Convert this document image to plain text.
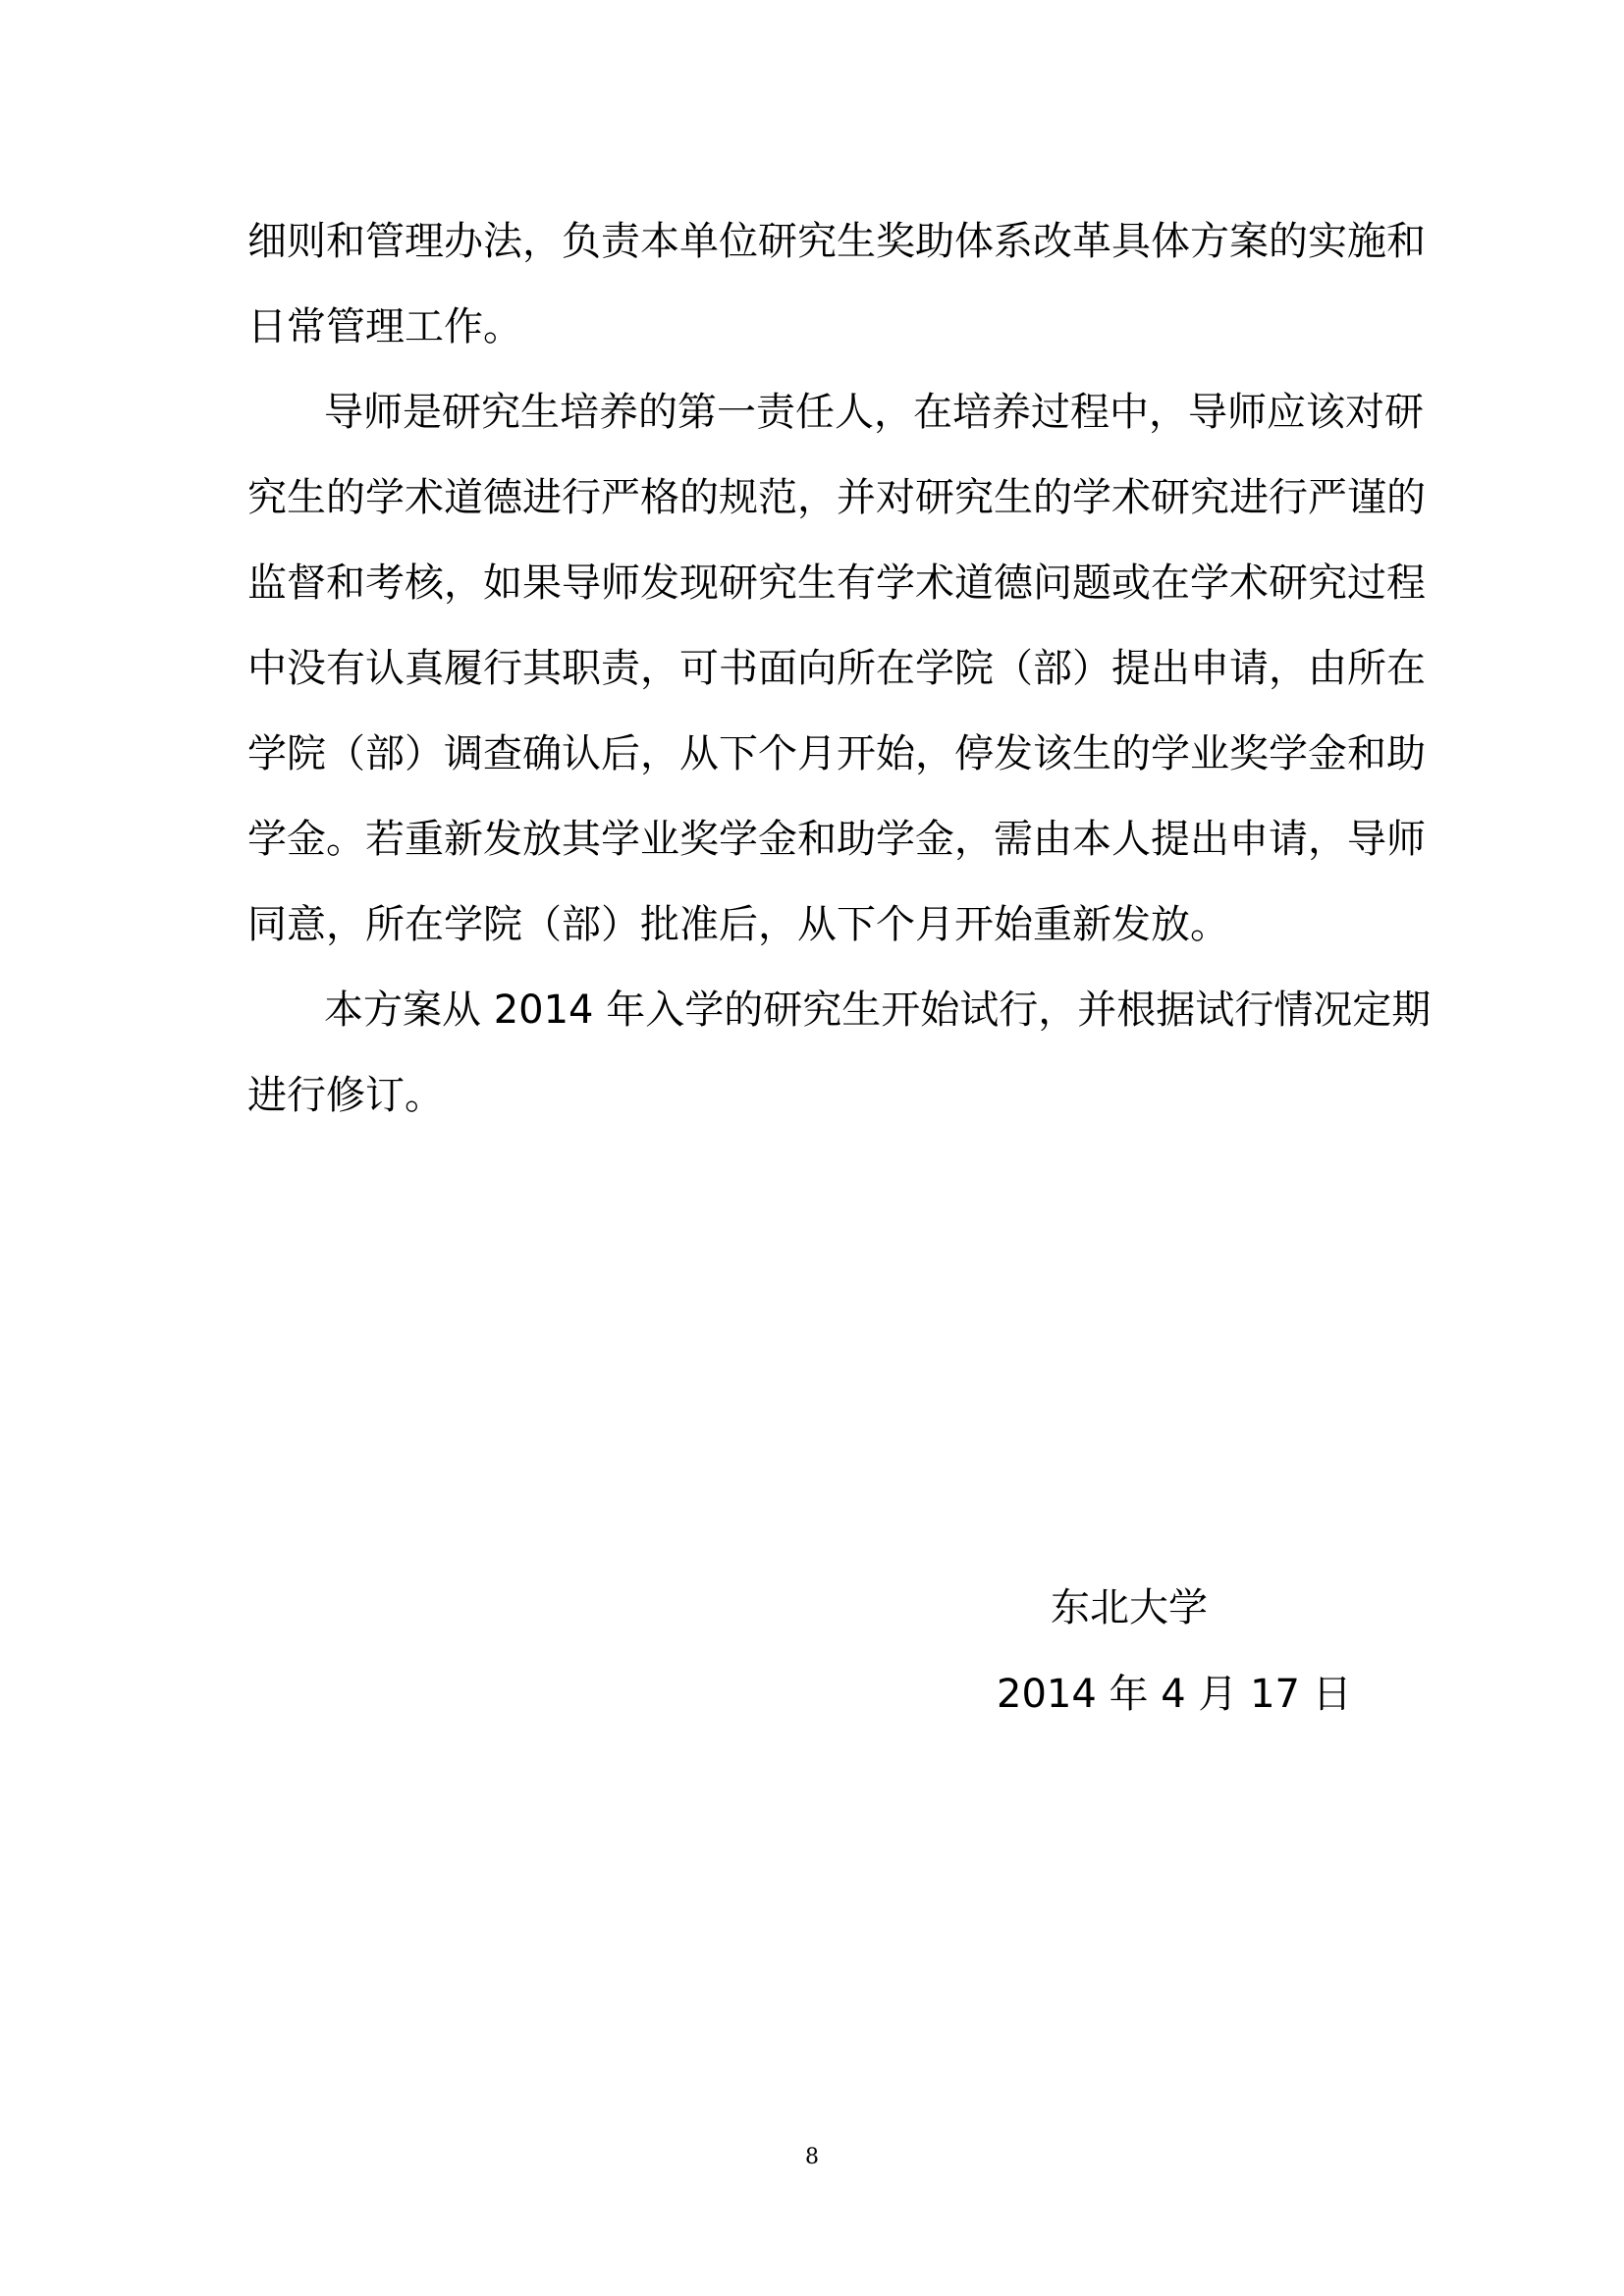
细则和管理办法，负责本单位研究生奖助体系改革具体方案的实施和
日常管理工作。
导师是研究生培养的第一责任人，在培养过程中，导师应该对研
究生的学术道德进行严格的规范，并对研究生的学术研究进行严谨的
监督和考核，如果导师发现研究生有学术道德问题或在学术研究过程
中没有认真履行其职责，可书面向所在学院（部）提出申请，由所在
学院（部）调查确认后，从下个月开始，停发该生的学业奖学金和助
学金。若重新发放其学业奖学金和助学金，需由本人提出申请，导师
同意，所在学院（部）批准后，从下个月开始重新发放。
本方案从 2014 年入学的研究生开始试行，并根据试行情况定期
进行修订。
东北大学
2014 年 4 月 17 日
8
